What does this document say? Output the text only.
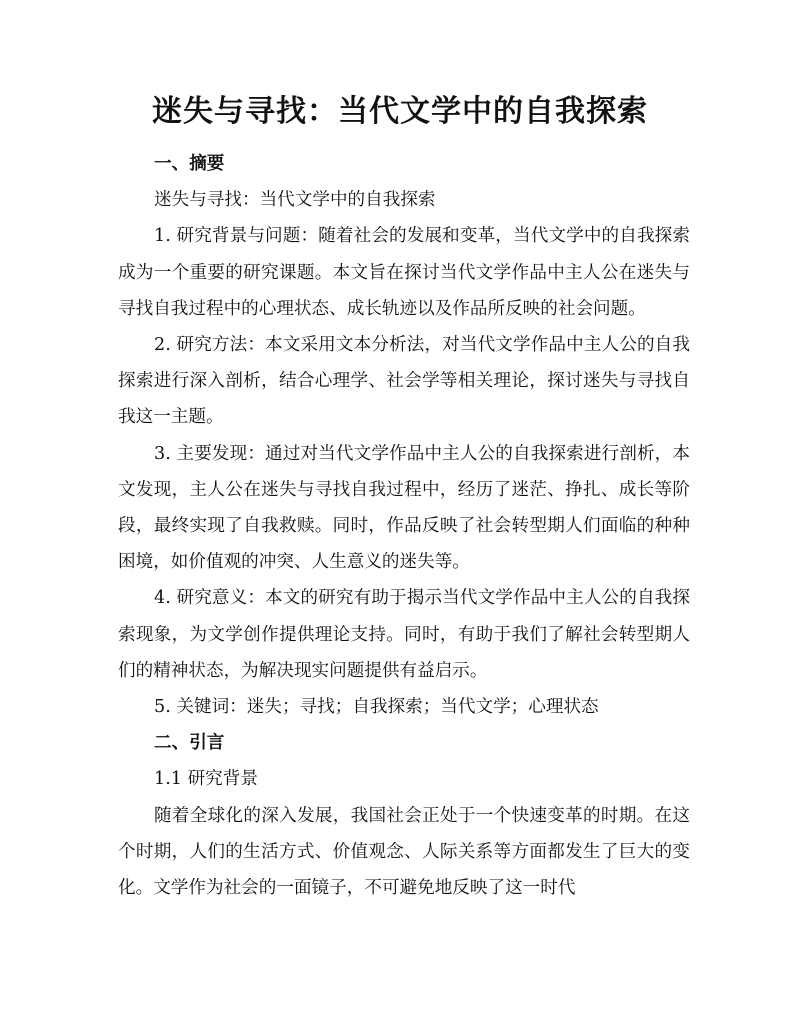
迷失与寻找：当代文学中的自我探索

一、摘要

迷失与寻找：当代文学中的自我探索

1. 研究背景与问题：随着社会的发展和变革，当代文学中的自我探索成为一个重要的研究课题。本文旨在探讨当代文学作品中主人公在迷失与寻找自我过程中的心理状态、成长轨迹以及作品所反映的社会问题。

2. 研究方法：本文采用文本分析法，对当代文学作品中主人公的自我探索进行深入剖析，结合心理学、社会学等相关理论，探讨迷失与寻找自我这一主题。

3. 主要发现：通过对当代文学作品中主人公的自我探索进行剖析，本文发现，主人公在迷失与寻找自我过程中，经历了迷茫、挣扎、成长等阶段，最终实现了自我救赎。同时，作品反映了社会转型期人们面临的种种困境，如价值观的冲突、人生意义的迷失等。

4. 研究意义：本文的研究有助于揭示当代文学作品中主人公的自我探索现象，为文学创作提供理论支持。同时，有助于我们了解社会转型期人们的精神状态，为解决现实问题提供有益启示。

5. 关键词：迷失；寻找；自我探索；当代文学；心理状态

二、引言

1.1 研究背景

随着全球化的深入发展，我国社会正处于一个快速变革的时期。在这个时期，人们的生活方式、价值观念、人际关系等方面都发生了巨大的变化。文学作为社会的一面镜子，不可避免地反映了这一时代
